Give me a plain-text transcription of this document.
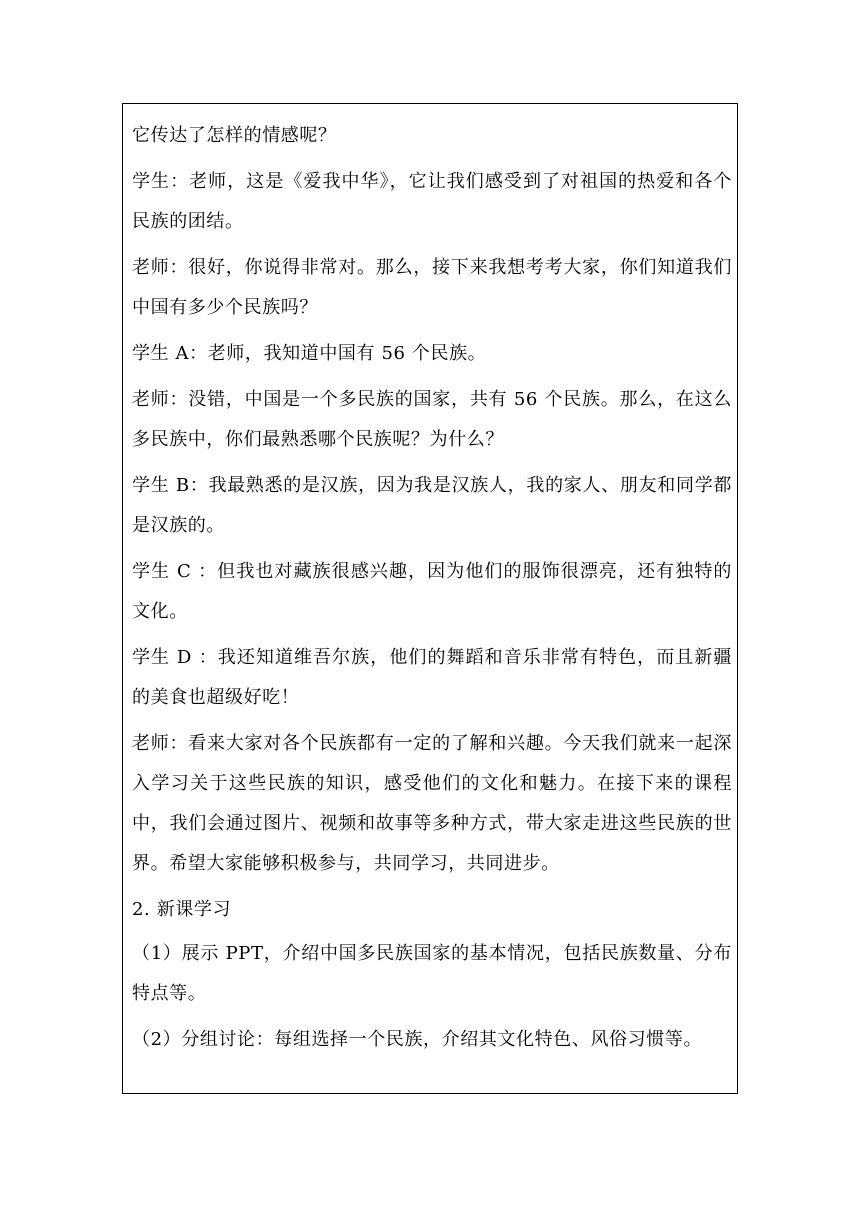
它传达了怎样的情感呢？

学生：老师，这是《爱我中华》，它让我们感受到了对祖国的热爱和各个民族的团结。

老师：很好，你说得非常对。那么，接下来我想考考大家，你们知道我们中国有多少个民族吗？

学生 A：老师，我知道中国有 56 个民族。

老师：没错，中国是一个多民族的国家，共有 56 个民族。那么，在这么多民族中，你们最熟悉哪个民族呢？为什么？

学生 B：我最熟悉的是汉族，因为我是汉族人，我的家人、朋友和同学都是汉族的。

学生 C ：但我也对藏族很感兴趣，因为他们的服饰很漂亮，还有独特的文化。

学生 D ：我还知道维吾尔族，他们的舞蹈和音乐非常有特色，而且新疆的美食也超级好吃！

老师：看来大家对各个民族都有一定的了解和兴趣。今天我们就来一起深入学习关于这些民族的知识，感受他们的文化和魅力。在接下来的课程中，我们会通过图片、视频和故事等多种方式，带大家走进这些民族的世界。希望大家能够积极参与，共同学习，共同进步。

2. 新课学习

（1）展示 PPT，介绍中国多民族国家的基本情况，包括民族数量、分布特点等。

（2）分组讨论：每组选择一个民族，介绍其文化特色、风俗习惯等。
